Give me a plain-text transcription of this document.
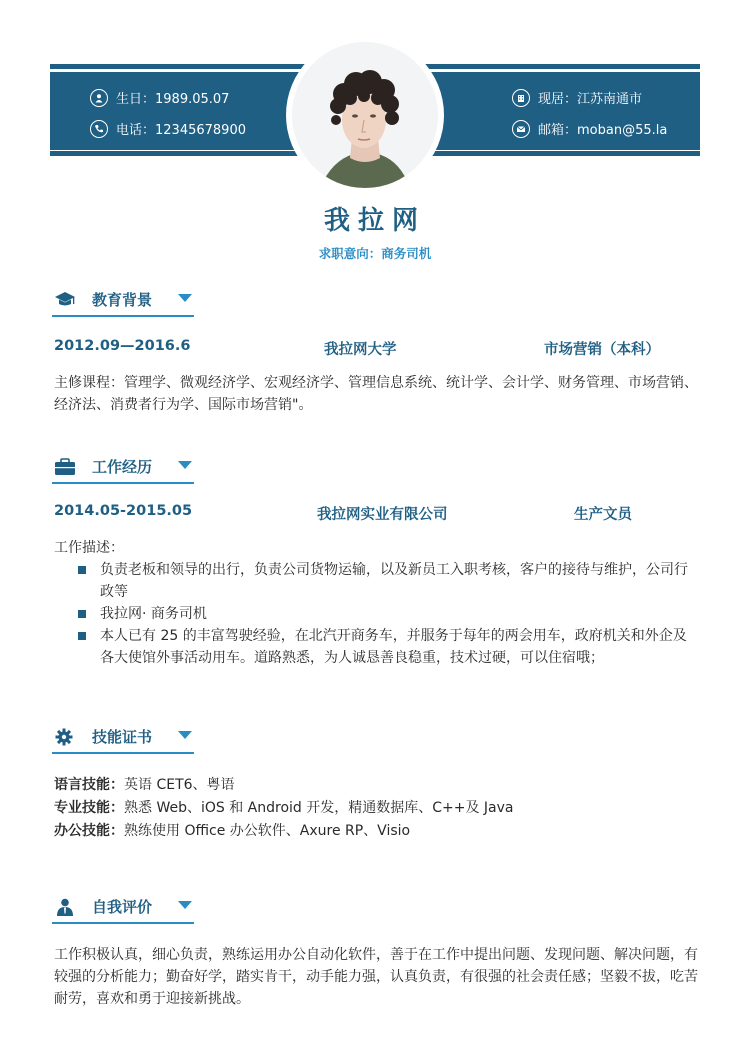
生日：1989.05.07
电话：12345678900
现居：江苏南通市
邮箱：moban@55.la
我拉网
求职意向：商务司机
教育背景
2012.09—2016.6	我拉网大学	市场营销（本科）
主修课程：管理学、微观经济学、宏观经济学、管理信息系统、统计学、会计学、财务管理、市场营销、经济法、消费者行为学、国际市场营销"。
工作经历
2014.05-2015.05	我拉网实业有限公司	生产文员
工作描述：
负责老板和领导的出行，负责公司货物运输，以及新员工入职考核，客户的接待与维护，公司行政等
我拉网· 商务司机
本人已有 25 的丰富驾驶经验，在北汽开商务车，并服务于每年的两会用车，政府机关和外企及各大使馆外事活动用车。道路熟悉，为人诚恳善良稳重，技术过硬，可以住宿哦；
技能证书
语言技能：英语 CET6、粤语
专业技能：熟悉 Web、iOS 和 Android 开发，精通数据库、C++及 Java
办公技能：熟练使用 Office 办公软件、Axure RP、Visio
自我评价
工作积极认真，细心负责，熟练运用办公自动化软件，善于在工作中提出问题、发现问题、解决问题，有较强的分析能力；勤奋好学，踏实肯干，动手能力强，认真负责，有很强的社会责任感；坚毅不拔，吃苦耐劳，喜欢和勇于迎接新挑战。
